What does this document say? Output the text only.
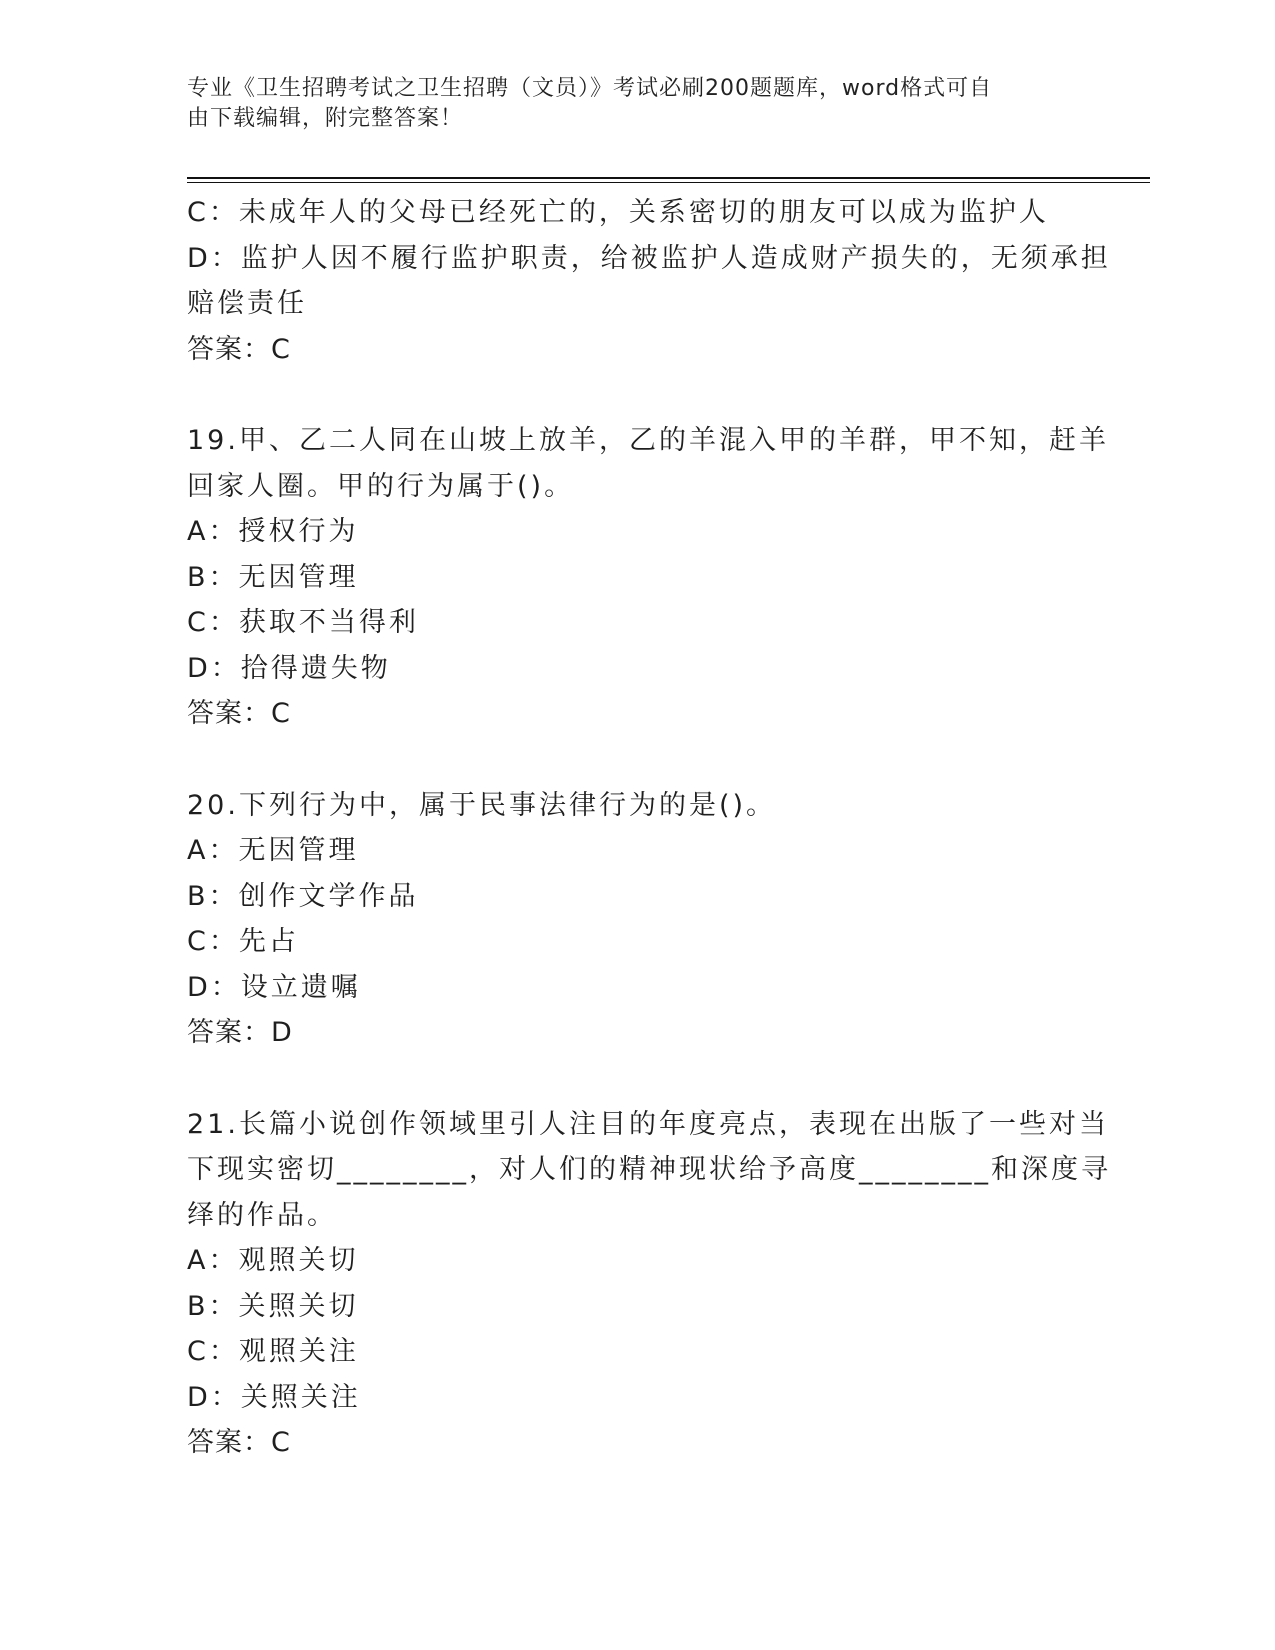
专业《卫生招聘考试之卫生招聘（文员）》考试必刷200题题库，word格式可自
由下载编辑，附完整答案！
C：未成年人的父母已经死亡的，关系密切的朋友可以成为监护人
D：监护人因不履行监护职责，给被监护人造成财产损失的，无须承担
赔偿责任
答案：C
19.甲、乙二人同在山坡上放羊，乙的羊混入甲的羊群，甲不知，赶羊
回家人圈。甲的行为属于()。
A：授权行为
B：无因管理
C：获取不当得利
D：拾得遗失物
答案：C
20.下列行为中，属于民事法律行为的是()。
A：无因管理
B：创作文学作品
C：先占
D：设立遗嘱
答案：D
21.长篇小说创作领域里引人注目的年度亮点，表现在出版了一些对当
下现实密切________，对人们的精神现状给予高度________和深度寻
绎的作品。
A：观照关切
B：关照关切
C：观照关注
D：关照关注
答案：C
